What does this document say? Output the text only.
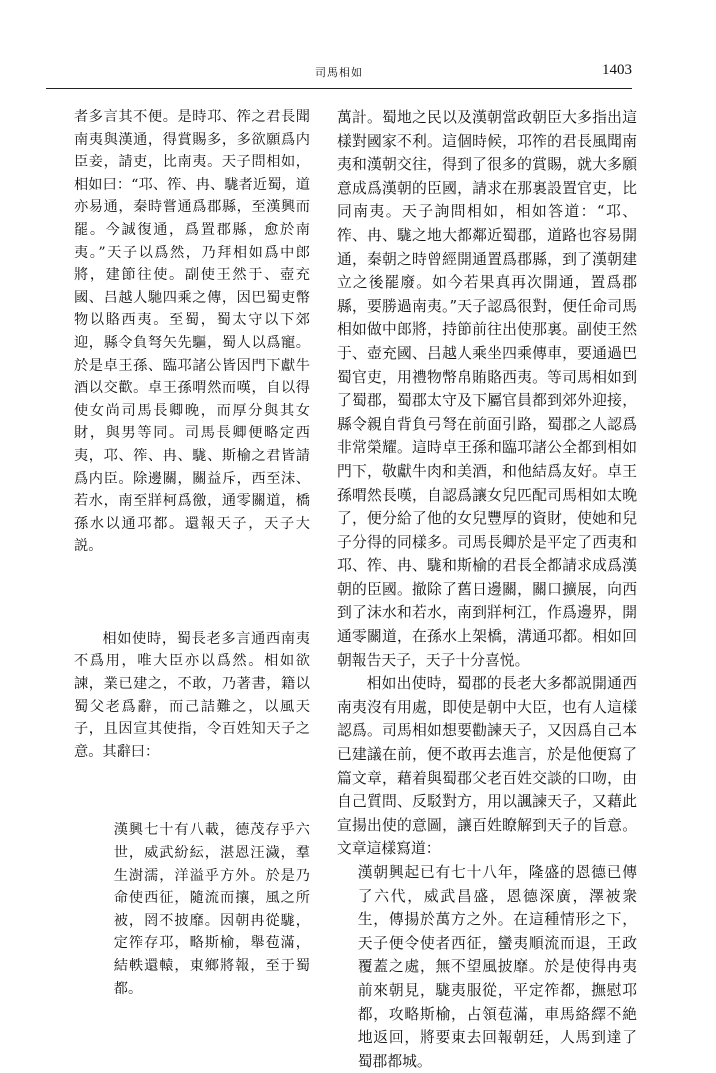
司馬相如	1403

者多言其不便。是時邛、筰之君長聞南夷與漢通，得賞賜多，多欲願爲内臣妾，請吏，比南夷。天子問相如，相如曰：“邛、筰、冉、駹者近蜀，道亦易通，秦時嘗通爲郡縣，至漢興而罷。今誠復通，爲置郡縣，愈於南夷。”天子以爲然，乃拜相如爲中郎將，建節往使。副使王然于、壺充國、吕越人馳四乘之傳，因巴蜀吏幣物以賂西夷。至蜀，蜀太守以下郊迎，縣令負弩矢先驅，蜀人以爲寵。於是卓王孫、臨邛諸公皆因門下獻牛酒以交歡。卓王孫喟然而嘆，自以得使女尚司馬長卿晚，而厚分與其女財，與男等同。司馬長卿便略定西夷，邛、筰、冉、駹、斯榆之君皆請爲内臣。除邊關，關益斥，西至沬、若水，南至牂柯爲徼，通零關道，橋孫水以通邛都。還報天子，天子大説。

相如使時，蜀長老多言通西南夷不爲用，唯大臣亦以爲然。相如欲諫，業已建之，不敢，乃著書，籍以蜀父老爲辭，而己詰難之，以風天子，且因宣其使指，令百姓知天子之意。其辭曰：

漢興七十有八載，德茂存乎六世，威武紛紜，湛恩汪濊，羣生澍濡，洋溢乎方外。於是乃命使西征，隨流而攘，風之所被，罔不披靡。因朝冉從駹，定筰存邛，略斯榆，舉苞滿，結軼還轅，東鄉將報，至于蜀都。

萬計。蜀地之民以及漢朝當政朝臣大多指出這樣對國家不利。這個時候，邛筰的君長風聞南夷和漢朝交往，得到了很多的賞賜，就大多願意成爲漢朝的臣國，請求在那裏設置官吏，比同南夷。天子詢問相如，相如答道：“邛、筰、冉、駹之地大都鄰近蜀郡，道路也容易開通，秦朝之時曾經開通置爲郡縣，到了漢朝建立之後罷廢。如今若果真再次開通，置爲郡縣，要勝過南夷。”天子認爲很對，便任命司馬相如做中郎將，持節前往出使那裏。副使王然于、壺充國、吕越人乘坐四乘傳車，要通過巴蜀官吏，用禮物幣帛賄賂西夷。等司馬相如到了蜀郡，蜀郡太守及下屬官員都到郊外迎接，縣令親自背負弓弩在前面引路，蜀郡之人認爲非常榮耀。這時卓王孫和臨邛諸公全都到相如門下，敬獻牛肉和美酒，和他結爲友好。卓王孫喟然長嘆，自認爲讓女兒匹配司馬相如太晚了，便分給了他的女兒豐厚的資財，使她和兒子分得的同樣多。司馬長卿於是平定了西夷和邛、筰、冉、駹和斯榆的君長全都請求成爲漢朝的臣國。撤除了舊日邊關，關口擴展，向西到了沫水和若水，南到牂柯江，作爲邊界，開通零關道，在孫水上架橋，溝通邛都。相如回朝報告天子，天子十分喜悦。

相如出使時，蜀郡的長老大多都説開通西南夷沒有用處，即使是朝中大臣，也有人這樣認爲。司馬相如想要勸諫天子，又因爲自己本已建議在前，便不敢再去進言，於是他便寫了篇文章，藉着與蜀郡父老百姓交談的口吻，由自己質問、反駁對方，用以諷諫天子，又藉此宣揚出使的意圖，讓百姓瞭解到天子的旨意。文章這樣寫道：

漢朝興起已有七十八年，隆盛的恩德已傳了六代，威武昌盛，恩德深廣，澤被衆生，傳揚於萬方之外。在這種情形之下，天子便令使者西征，蠻夷順流而退，王政覆蓋之處，無不望風披靡。於是使得冉夷前來朝見，駹夷服從，平定筰都，撫慰邛都，攻略斯榆，占領苞滿，車馬絡繹不絶地返回，將要東去回報朝廷，人馬到達了蜀郡都城。
